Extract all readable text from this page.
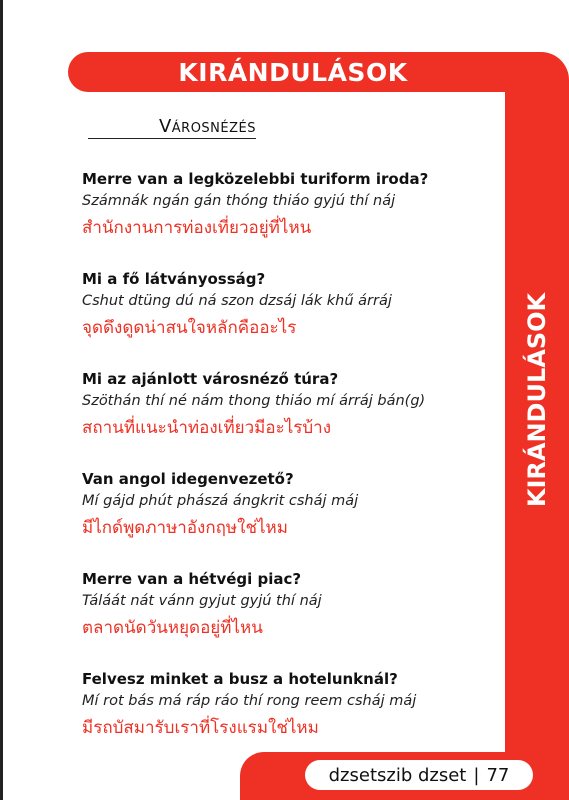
KIRÁNDULÁSOK
KIRÁNDULÁSOK
Városnézés
Merre van a legközelebbi turiform iroda?
Számnák ngán gán thóng thiáo gyjú thí náj
สำนักงานการท่องเที่ยวอยู่ที่ไหน
Mi a fő látványosság?
Cshut dtüng dú ná szon dzsáj lák khű árráj
จุดดึงดูดน่าสนใจหลักคืออะไร
Mi az ajánlott városnéző túra?
Szöthán thí né nám thong thiáo mí árráj bán(g)
สถานที่แนะนำท่องเที่ยวมีอะไรบ้าง
Van angol idegenvezető?
Mí gájd phút phászá ángkrit csháj máj
มีไกด์พูดภาษาอังกฤษใช่ไหม
Merre van a hétvégi piac?
Táláát nát vánn gyjut gyjú thí náj
ตลาดนัดวันหยุดอยู่ที่ไหน
Felvesz minket a busz a hotelunknál?
Mí rot bás má ráp ráo thí rong reem csháj máj
มีรถบัสมารับเราที่โรงแรมใช่ไหม
dzsetszib dzset | 77
